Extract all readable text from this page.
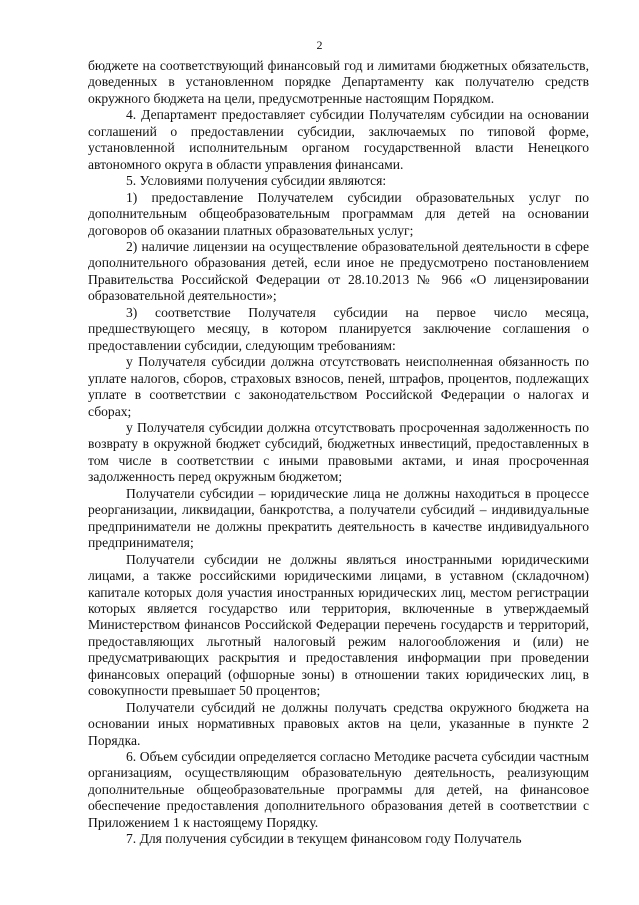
2

бюджете на соответствующий финансовый год и лимитами бюджетных обязательств, доведенных в установленном порядке Департаменту как получателю средств окружного бюджета на цели, предусмотренные настоящим Порядком.

4. Департамент предоставляет субсидии Получателям субсидии на основании соглашений о предоставлении субсидии, заключаемых по типовой форме, установленной исполнительным органом государственной власти Ненецкого автономного округа в области управления финансами.

5. Условиями получения субсидии являются:

1) предоставление Получателем субсидии образовательных услуг по дополнительным общеобразовательным программам для детей на основании договоров об оказании платных образовательных услуг;

2) наличие лицензии на осуществление образовательной деятельности в сфере дополнительного образования детей, если иное не предусмотрено постановлением Правительства Российской Федерации от 28.10.2013 № 966 «О лицензировании образовательной деятельности»;

3) соответствие Получателя субсидии на первое число месяца, предшествующего месяцу, в котором планируется заключение соглашения о предоставлении субсидии, следующим требованиям:

у Получателя субсидии должна отсутствовать неисполненная обязанность по уплате налогов, сборов, страховых взносов, пеней, штрафов, процентов, подлежащих уплате в соответствии с законодательством Российской Федерации о налогах и сборах;

у Получателя субсидии должна отсутствовать просроченная задолженность по возврату в окружной бюджет субсидий, бюджетных инвестиций, предоставленных в том числе в соответствии с иными правовыми актами, и иная просроченная задолженность перед окружным бюджетом;

Получатели субсидии – юридические лица не должны находиться в процессе реорганизации, ликвидации, банкротства, а получатели субсидий – индивидуальные предприниматели не должны прекратить деятельность в качестве индивидуального предпринимателя;

Получатели субсидии не должны являться иностранными юридическими лицами, а также российскими юридическими лицами, в уставном (складочном) капитале которых доля участия иностранных юридических лиц, местом регистрации которых является государство или территория, включенные в утверждаемый Министерством финансов Российской Федерации перечень государств и территорий, предоставляющих льготный налоговый режим налогообложения и (или) не предусматривающих раскрытия и предоставления информации при проведении финансовых операций (офшорные зоны) в отношении таких юридических лиц, в совокупности превышает 50 процентов;

Получатели субсидий не должны получать средства окружного бюджета на основании иных нормативных правовых актов на цели, указанные в пункте 2 Порядка.

6. Объем субсидии определяется согласно Методике расчета субсидии частным организациям, осуществляющим образовательную деятельность, реализующим дополнительные общеобразовательные программы для детей, на финансовое обеспечение предоставления дополнительного образования детей в соответствии с Приложением 1 к настоящему Порядку.

7. Для получения субсидии в текущем финансовом году Получатель
